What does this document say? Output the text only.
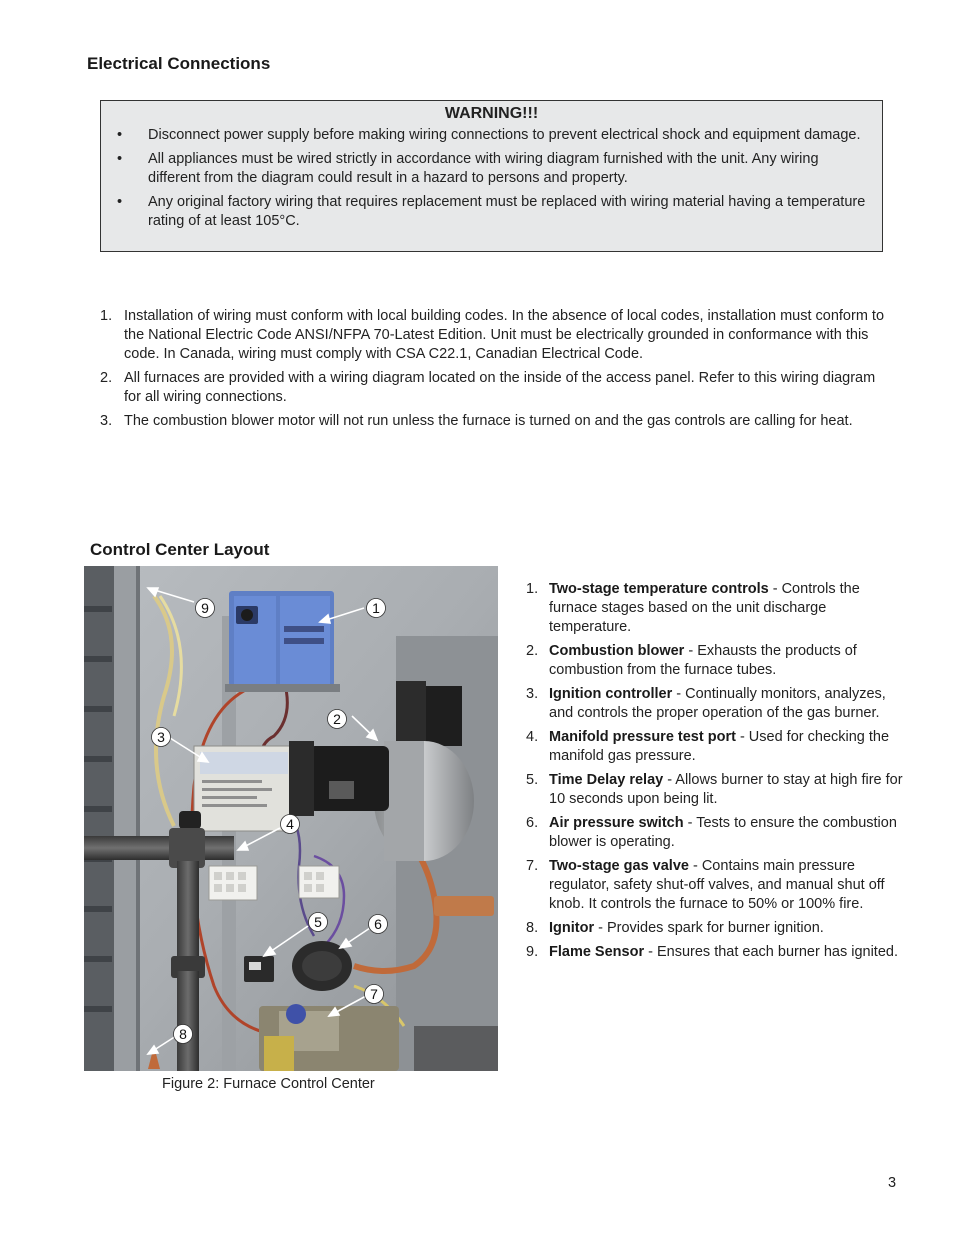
Electrical Connections
WARNING!!!
• Disconnect power supply before making wiring connections to prevent electrical shock and equipment damage.
• All appliances must be wired strictly in accordance with wiring diagram furnished with the unit. Any wiring different from the diagram could result in a hazard to persons and property.
• Any original factory wiring that requires replacement must be replaced with wiring material having a temperature rating of at least 105°C.
1. Installation of wiring must conform with local building codes. In the absence of local codes, installation must conform to the National Electric Code ANSI/NFPA 70-Latest Edition. Unit must be electrically grounded in conformance with this code. In Canada, wiring must comply with CSA C22.1, Canadian Electrical Code.
2. All furnaces are provided with a wiring diagram located on the inside of the access panel. Refer to this wiring diagram for all wiring connections.
3. The combustion blower motor will not run unless the furnace is turned on and the gas controls are calling for heat.
Control Center Layout
9	1
2
3
4
5	6
7
8
Figure 2: Furnace Control Center
1. Two-stage temperature controls - Controls the furnace stages based on the unit discharge temperature.
2. Combustion blower - Exhausts the products of combustion from the furnace tubes.
3. Ignition controller - Continually monitors, analyzes, and controls the proper operation of the gas burner.
4. Manifold pressure test port - Used for checking the manifold gas pressure.
5. Time Delay relay - Allows burner to stay at high fire for 10 seconds upon being lit.
6. Air pressure switch - Tests to ensure the combustion blower is operating.
7. Two-stage gas valve - Contains main pressure regulator, safety shut-off valves, and manual shut off knob. It controls the furnace to 50% or 100% fire.
8. Ignitor - Provides spark for burner ignition.
9. Flame Sensor - Ensures that each burner has ignited.
3
